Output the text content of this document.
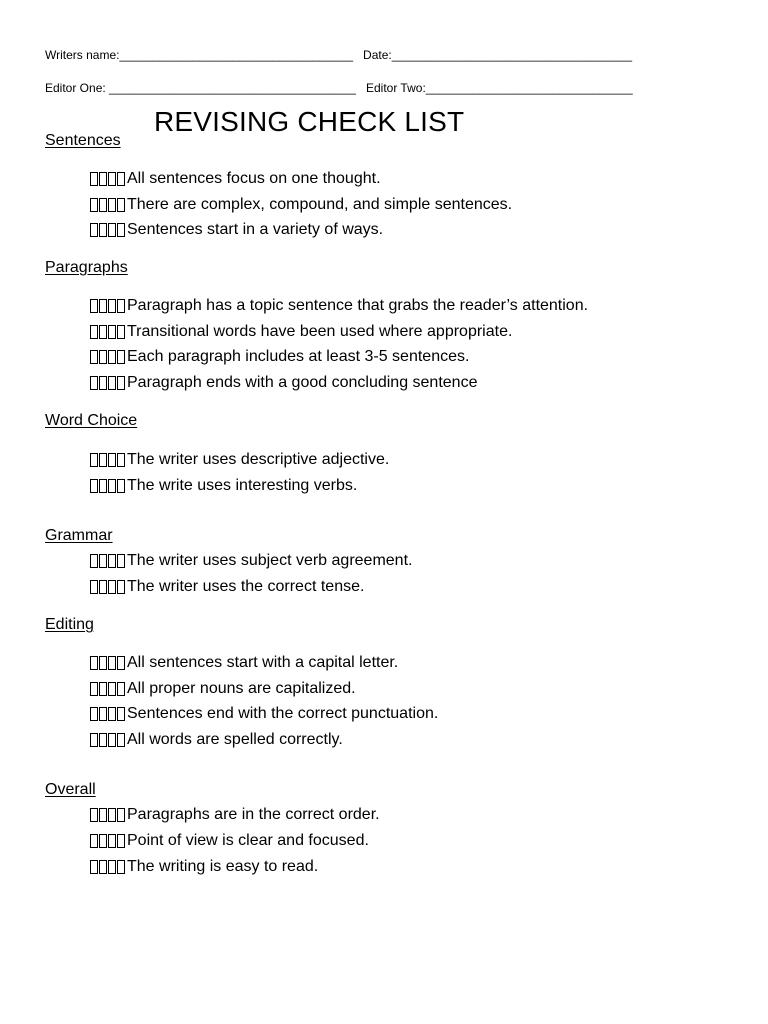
Writers name:___________________________________ Date:____________________________________
Editor One: _____________________________________ Editor Two:_______________________________
REVISING CHECK LIST
Sentences
All sentences focus on one thought.
There are complex, compound, and simple sentences.
Sentences start in a variety of ways.
Paragraphs
Paragraph has a topic sentence that grabs the reader’s attention.
Transitional words have been used where appropriate.
Each paragraph includes at least 3-5 sentences.
Paragraph ends with a good concluding sentence
Word Choice
The writer uses descriptive adjective.
The write uses interesting verbs.
Grammar
The writer uses subject verb agreement.
The writer uses the correct tense.
Editing
All sentences start with a capital letter.
All proper nouns are capitalized.
Sentences end with the correct punctuation.
All words are spelled correctly.
Overall
Paragraphs are in the correct order.
Point of view is clear and focused.
The writing is easy to read.
